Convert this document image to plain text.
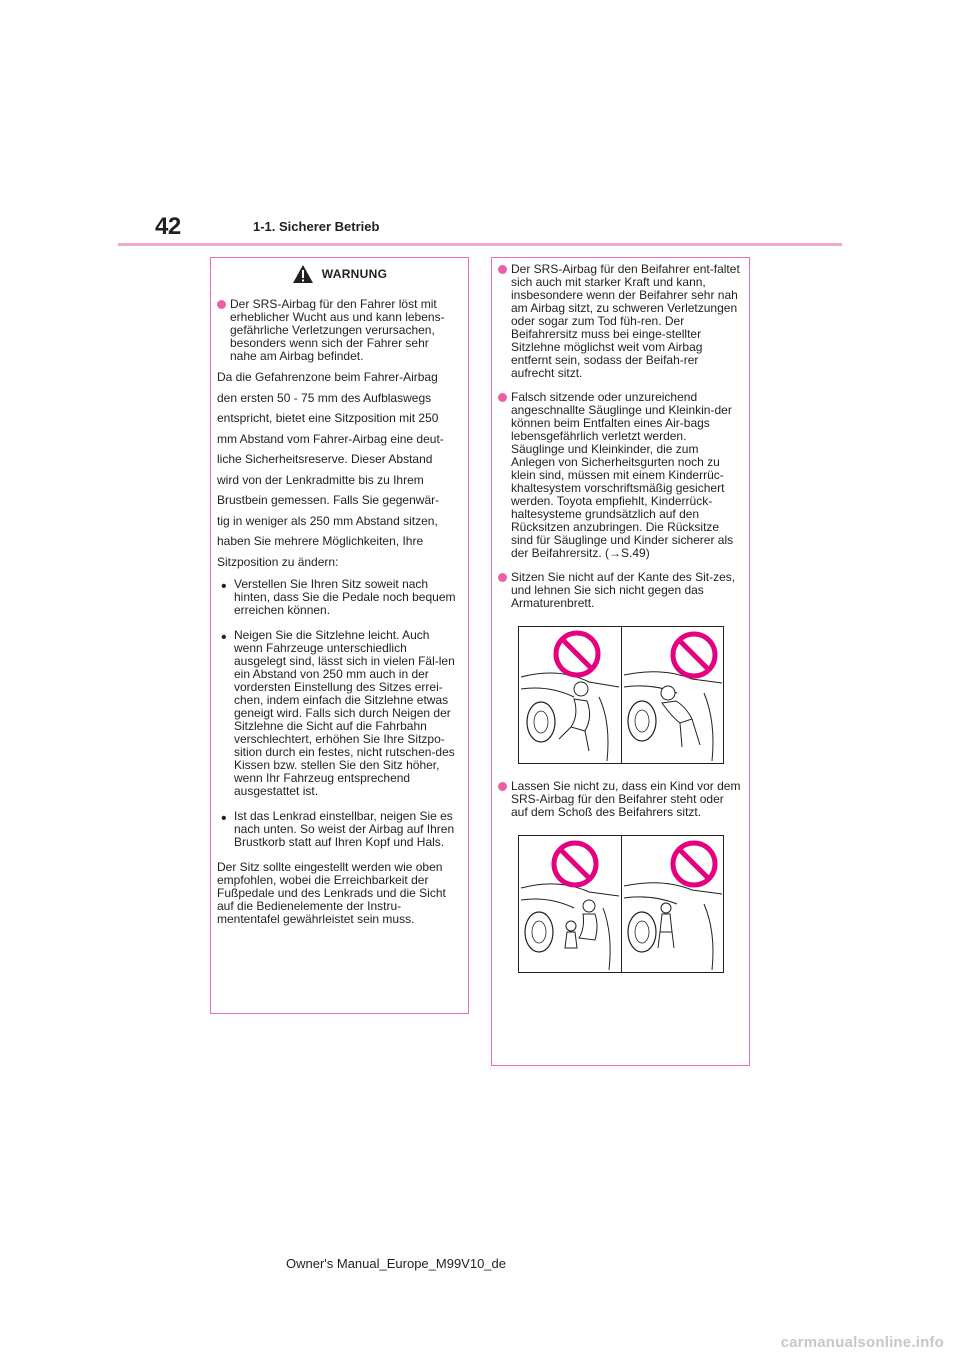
42	1-1. Sicherer Betrieb
WARNUNG

Der SRS-Airbag für den Fahrer löst mit erheblicher Wucht aus und kann lebens-gefährliche Verletzungen verursachen, besonders wenn sich der Fahrer sehr nahe am Airbag befindet.

Da die Gefahrenzone beim Fahrer-Airbag

den ersten 50 - 75 mm des Aufblaswegs

entspricht, bietet eine Sitzposition mit 250

mm Abstand vom Fahrer-Airbag eine deut-

liche Sicherheitsreserve. Dieser Abstand

wird von der Lenkradmitte bis zu Ihrem

Brustbein gemessen. Falls Sie gegenwär-

tig in weniger als 250 mm Abstand sitzen,

haben Sie mehrere Möglichkeiten, Ihre

Sitzposition zu ändern:

• Verstellen Sie Ihren Sitz soweit nach hinten, dass Sie die Pedale noch bequem erreichen können.

• Neigen Sie die Sitzlehne leicht. Auch wenn Fahrzeuge unterschiedlich ausgelegt sind, lässt sich in vielen Fäl-len ein Abstand von 250 mm auch in der vordersten Einstellung des Sitzes errei-chen, indem einfach die Sitzlehne etwas geneigt wird. Falls sich durch Neigen der Sitzlehne die Sicht auf die Fahrbahn verschlechtert, erhöhen Sie Ihre Sitzpo-sition durch ein festes, nicht rutschen-des Kissen bzw. stellen Sie den Sitz höher, wenn Ihr Fahrzeug entsprechend ausgestattet ist.

• Ist das Lenkrad einstellbar, neigen Sie es nach unten. So weist der Airbag auf Ihren Brustkorb statt auf Ihren Kopf und Hals.

Der Sitz sollte eingestellt werden wie oben empfohlen, wobei die Erreichbarkeit der Fußpedale und des Lenkrads und die Sicht auf die Bedienelemente der Instru-mententafel gewährleistet sein muss.

Der SRS-Airbag für den Beifahrer ent-faltet sich auch mit starker Kraft und kann, insbesondere wenn der Beifahrer sehr nah am Airbag sitzt, zu schweren Verletzungen oder sogar zum Tod füh-ren. Der Beifahrersitz muss bei einge-stellter Sitzlehne möglichst weit vom Airbag entfernt sein, sodass der Beifah-rer aufrecht sitzt.

Falsch sitzende oder unzureichend angeschnallte Säuglinge und Kleinkin-der können beim Entfalten eines Air-bags lebensgefährlich verletzt werden. Säuglinge und Kleinkinder, die zum Anlegen von Sicherheitsgurten noch zu klein sind, müssen mit einem Kinderrüc-khaltesystem vorschriftsmäßig gesichert werden. Toyota empfiehlt, Kinderrück-haltesysteme grundsätzlich auf den Rücksitzen anzubringen. Die Rücksitze sind für Säuglinge und Kinder sicherer als der Beifahrersitz. (→S.49)

Sitzen Sie nicht auf der Kante des Sit-zes, und lehnen Sie sich nicht gegen das Armaturenbrett.

Lassen Sie nicht zu, dass ein Kind vor dem SRS-Airbag für den Beifahrer steht oder auf dem Schoß des Beifahrers sitzt.

Owner's Manual_Europe_M99V10_de
carmanualsonline.info
